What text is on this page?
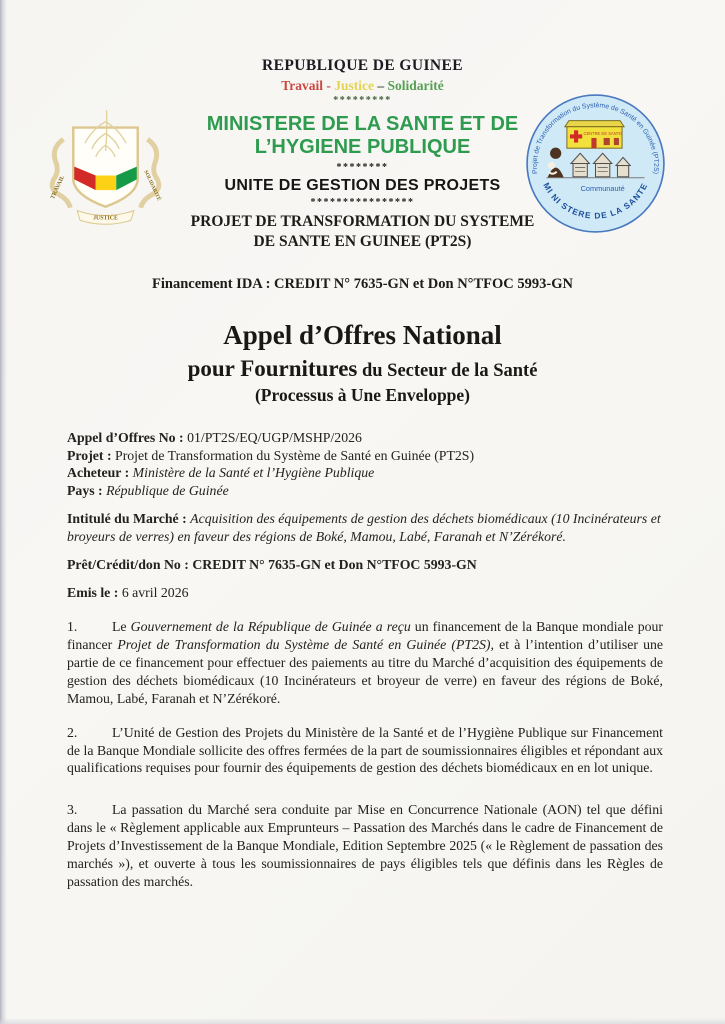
TRAVAIL
JUSTICE
SOLIDARITÉ	Projet de Transformation du Système de Santé en Guinée (PT2S)
MI NI STERE DE LA SANTE
CENTRE DE SANTE
Communauté
REPUBLIQUE DE GUINEE
Travail - Justice – Solidarité
*********
MINISTERE DE LA SANTE ET DE
L’HYGIENE PUBLIQUE
********
UNITE DE GESTION DES PROJETS
****************
PROJET DE TRANSFORMATION DU SYSTEME
DE SANTE EN GUINEE (PT2S)
Financement IDA : CREDIT N° 7635-GN et Don N°TFOC 5993-GN
Appel d’Offres National
pour Fournitures du Secteur de la Santé
(Processus à Une Enveloppe)

Appel d’Offres No : 01/PT2S/EQ/UGP/MSHP/2026

Projet : Projet de Transformation du Système de Santé en Guinée (PT2S)

Acheteur : Ministère de la Santé et l’Hygiène Publique

Pays : République de Guinée

Intitulé du Marché : Acquisition des équipements de gestion des déchets biomédicaux (10 Incinérateurs et broyeurs de verres) en faveur des régions de Boké, Mamou, Labé, Faranah et N’Zérékoré.

Prêt/Crédit/don No : CREDIT N° 7635-GN et Don N°TFOC 5993-GN

Emis le : 6 avril 2026

1.	Le Gouvernement de la République de Guinée a reçu un financement de la Banque mondiale pour financer Projet de Transformation du Système de Santé en Guinée (PT2S), et à l’intention d’utiliser une partie de ce financement pour effectuer des paiements au titre du Marché d’acquisition des équipements de gestion des déchets biomédicaux (10 Incinérateurs et broyeur de verre) en faveur des régions de Boké, Mamou, Labé, Faranah et N’Zérékoré.

2.	L’Unité de Gestion des Projets du Ministère de la Santé et de l’Hygiène Publique sur Financement de la Banque Mondiale sollicite des offres fermées de la part de soumissionnaires éligibles et répondant aux qualifications requises pour fournir des équipements de gestion des déchets biomédicaux en en lot unique.

3.	La passation du Marché sera conduite par Mise en Concurrence Nationale (AON) tel que défini dans le « Règlement applicable aux Emprunteurs – Passation des Marchés dans le cadre de Financement de Projets d’Investissement de la Banque Mondiale, Edition Septembre 2025 (« le Règlement de passation des marchés »), et ouverte à tous les soumissionnaires de pays éligibles tels que définis dans les Règles de passation des marchés.
